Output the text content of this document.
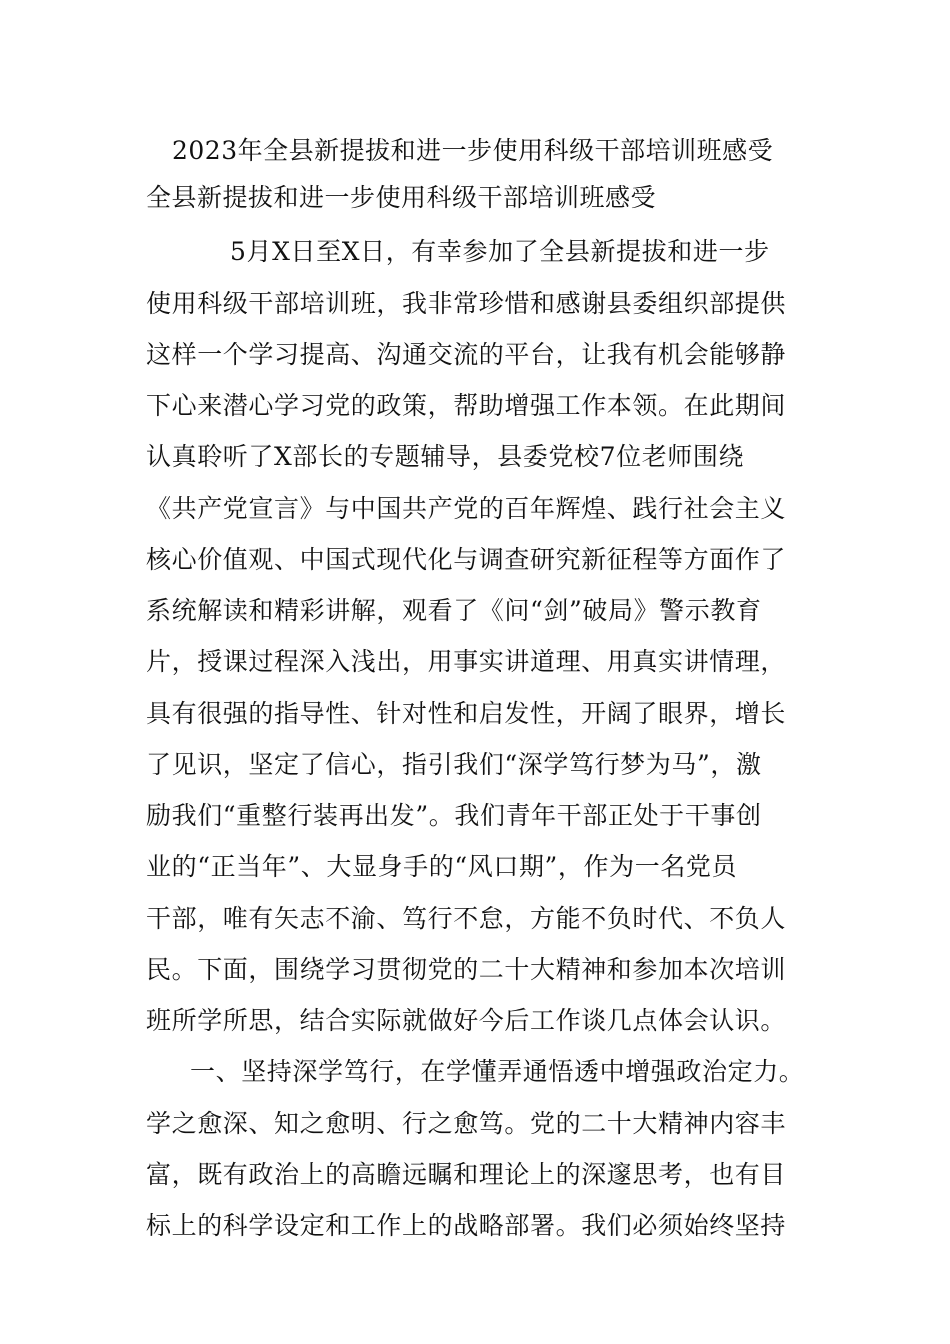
2023年全县新提拔和进一步使用科级干部培训班感受
全县新提拔和进一步使用科级干部培训班感受
5月X日至X日，有幸参加了全县新提拔和进一步
使用科级干部培训班，我非常珍惜和感谢县委组织部提供
这样一个学习提高、沟通交流的平台，让我有机会能够静
下心来潜心学习党的政策，帮助增强工作本领。在此期间
认真聆听了X部长的专题辅导，县委党校7位老师围绕
《共产党宣言》与中国共产党的百年辉煌、践行社会主义
核心价值观、中国式现代化与调查研究新征程等方面作了
系统解读和精彩讲解，观看了《问“剑”破局》警示教育
片，授课过程深入浅出，用事实讲道理、用真实讲情理，
具有很强的指导性、针对性和启发性，开阔了眼界，增长
了见识，坚定了信心，指引我们“深学笃行梦为马”，激
励我们“重整行装再出发”。我们青年干部正处于干事创
业的“正当年”、大显身手的“风口期”，作为一名党员
干部，唯有矢志不渝、笃行不怠，方能不负时代、不负人
民。下面，围绕学习贯彻党的二十大精神和参加本次培训
班所学所思，结合实际就做好今后工作谈几点体会认识。
一、坚持深学笃行，在学懂弄通悟透中增强政治定力。
学之愈深、知之愈明、行之愈笃。党的二十大精神内容丰
富，既有政治上的高瞻远瞩和理论上的深邃思考，也有目
标上的科学设定和工作上的战略部署。我们必须始终坚持
